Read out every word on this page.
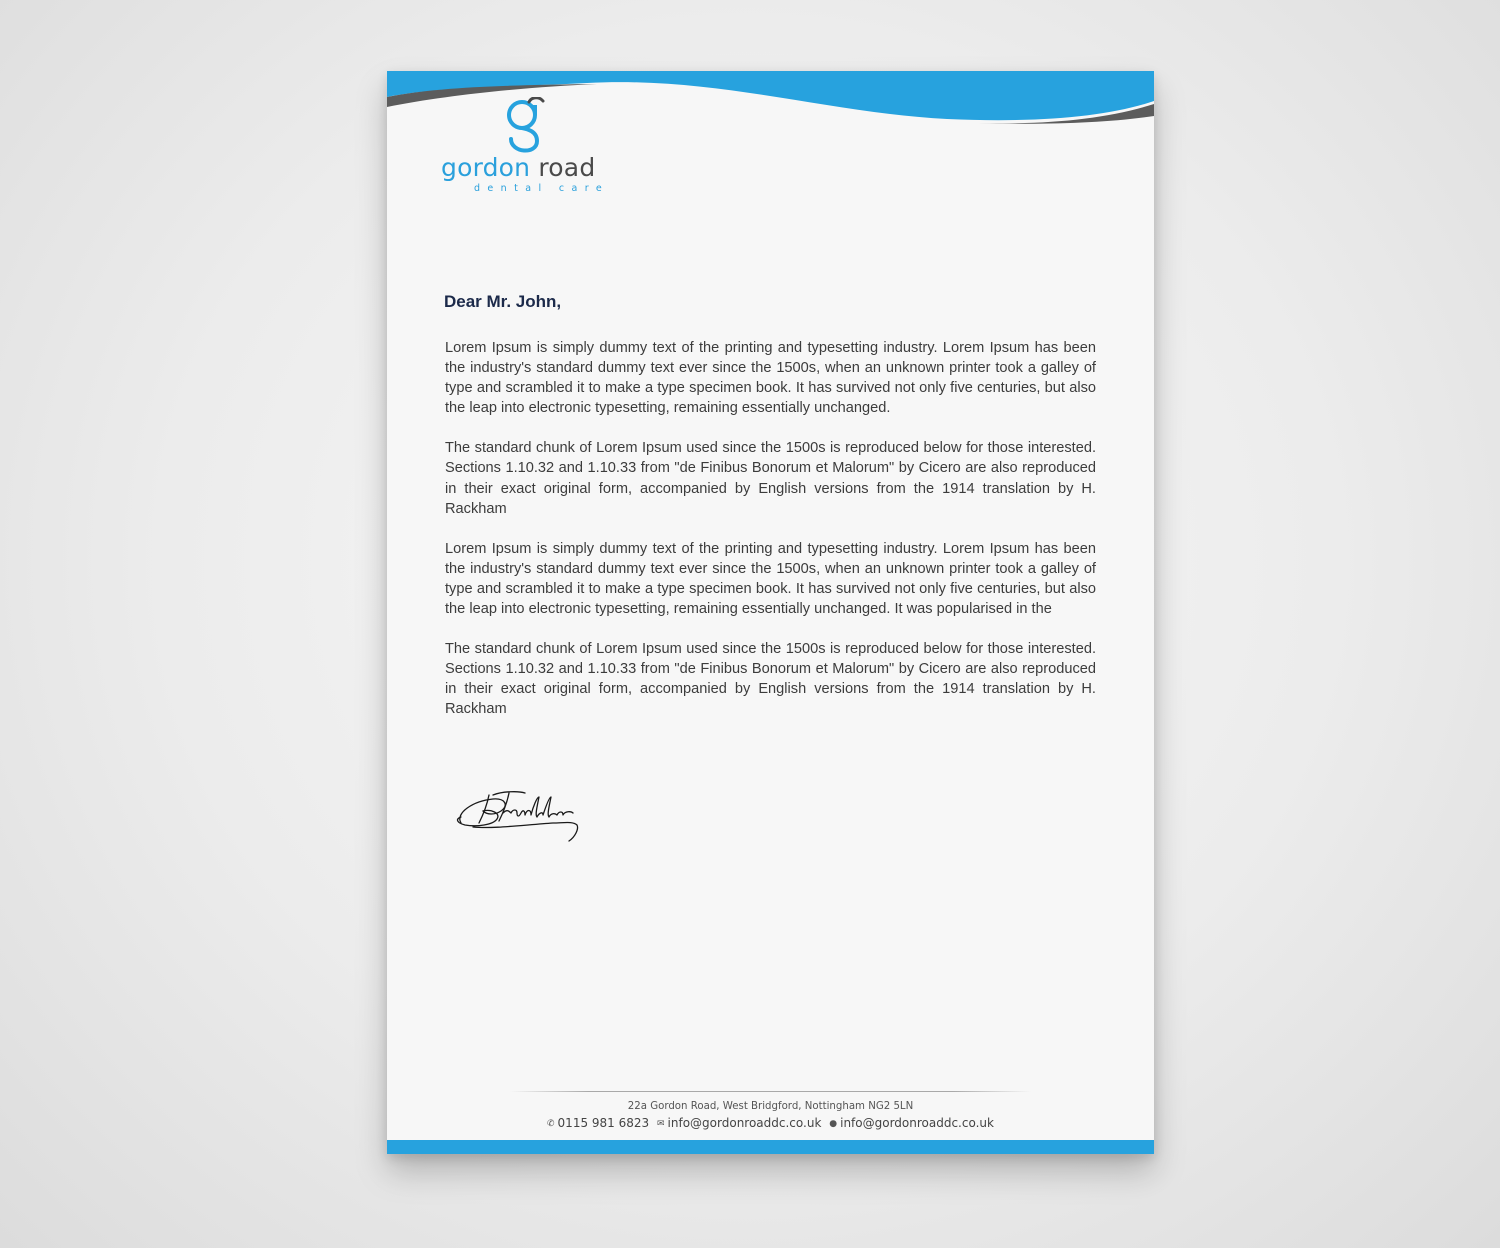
gordon road
dental care
Dear Mr. John,

Lorem Ipsum is simply dummy text of the printing and typesetting industry. Lorem Ipsum has been the industry's standard dummy text ever since the 1500s, when an unknown printer took a galley of type and scrambled it to make a type specimen book. It has survived not only five centuries, but also the leap into electronic typesetting, remaining essentially unchanged.

The standard chunk of Lorem Ipsum used since the 1500s is reproduced below for those interested. Sections 1.10.32 and 1.10.33 from "de Finibus Bonorum et Malorum" by Cicero are also reproduced in their exact original form, accompanied by English versions from the 1914 translation by H. Rackham

Lorem Ipsum is simply dummy text of the printing and typesetting industry. Lorem Ipsum has been the industry's standard dummy text ever since the 1500s, when an unknown printer took a galley of type and scrambled it to make a type specimen book. It has survived not only five centuries, but also the leap into electronic typesetting, remaining essentially unchanged. It was popularised in the

The standard chunk of Lorem Ipsum used since the 1500s is reproduced below for those interested. Sections 1.10.32 and 1.10.33 from "de Finibus Bonorum et Malorum" by Cicero are also reproduced in their exact original form, accompanied by English versions from the 1914 translation by H. Rackham

22a Gordon Road, West Bridgford, Nottingham NG2 5LN
✆ 0115 981 6823 ✉ info@gordonroaddc.co.uk ● info@gordonroaddc.co.uk
